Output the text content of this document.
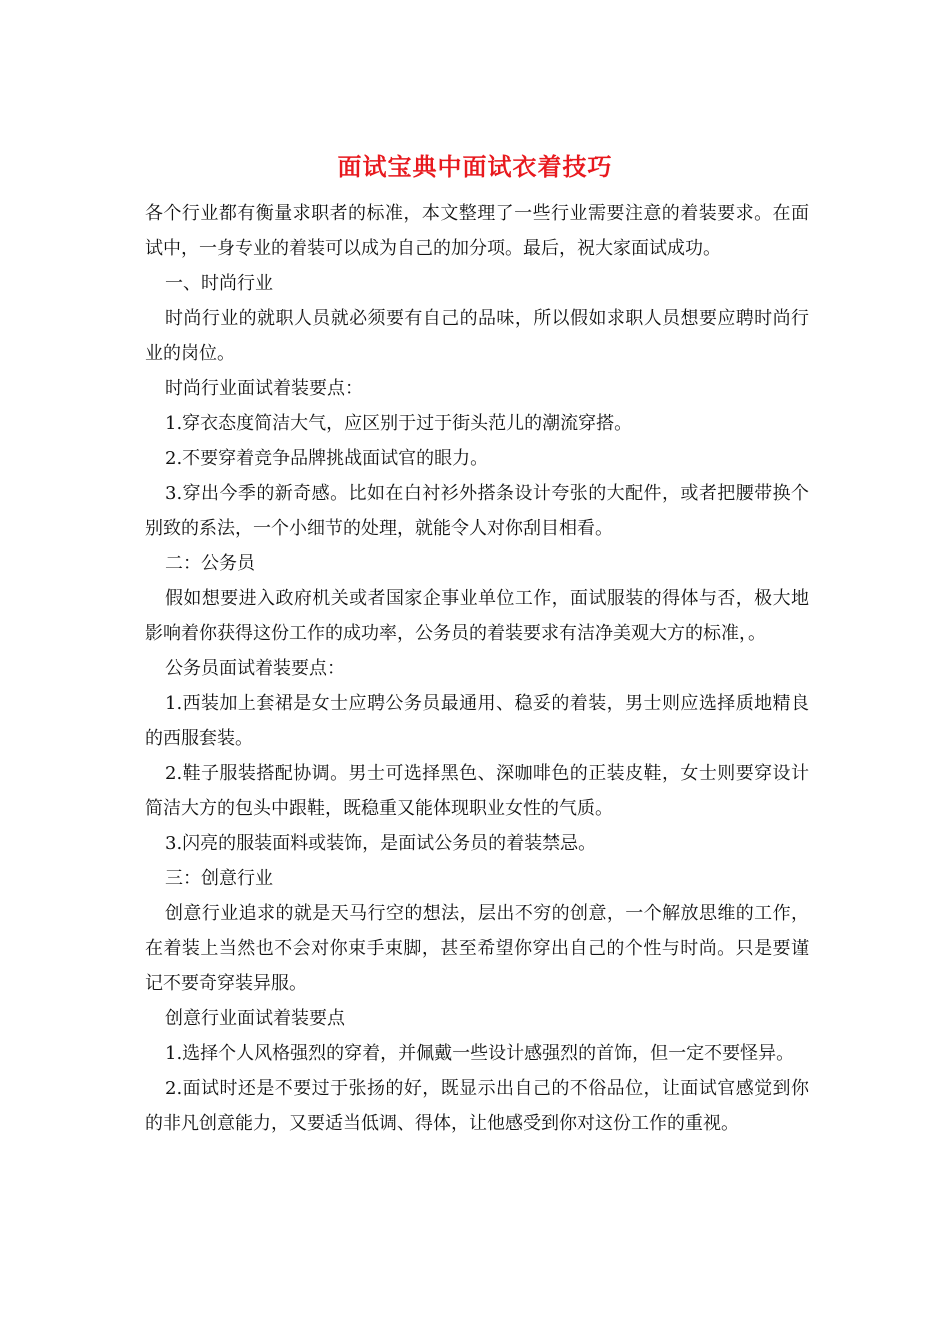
面试宝典中面试衣着技巧

各个行业都有衡量求职者的标准，本文整理了一些行业需要注意的着装要求。在面试中，一身专业的着装可以成为自己的加分项。最后，祝大家面试成功。

一、时尚行业

时尚行业的就职人员就必须要有自己的品味，所以假如求职人员想要应聘时尚行业的岗位。

时尚行业面试着装要点：

1.穿衣态度简洁大气，应区别于过于街头范儿的潮流穿搭。

2.不要穿着竞争品牌挑战面试官的眼力。

3.穿出今季的新奇感。比如在白衬衫外搭条设计夸张的大配件，或者把腰带换个别致的系法，一个小细节的处理，就能令人对你刮目相看。

二：公务员

假如想要进入政府机关或者国家企事业单位工作，面试服装的得体与否，极大地影响着你获得这份工作的成功率，公务员的着装要求有洁净美观大方的标准，。

公务员面试着装要点：

1.西装加上套裙是女士应聘公务员最通用、稳妥的着装，男士则应选择质地精良的西服套装。

2.鞋子服装搭配协调。男士可选择黑色、深咖啡色的正装皮鞋，女士则要穿设计简洁大方的包头中跟鞋，既稳重又能体现职业女性的气质。

3.闪亮的服装面料或装饰，是面试公务员的着装禁忌。

三：创意行业

创意行业追求的就是天马行空的想法，层出不穷的创意，一个解放思维的工作，在着装上当然也不会对你束手束脚，甚至希望你穿出自己的个性与时尚。只是要谨记不要奇穿装异服。

创意行业面试着装要点

1.选择个人风格强烈的穿着，并佩戴一些设计感强烈的首饰，但一定不要怪异。

2.面试时还是不要过于张扬的好，既显示出自己的不俗品位，让面试官感觉到你的非凡创意能力，又要适当低调、得体，让他感受到你对这份工作的重视。
